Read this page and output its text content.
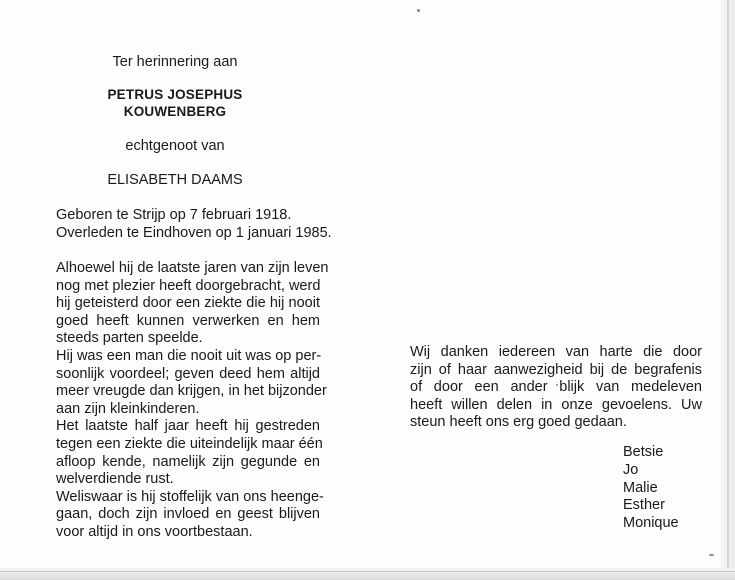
Ter herinnering aan

PETRUS JOSEPHUS

KOUWENBERG

echtgenoot van

ELISABETH DAAMS

Geboren te Strijp op 7 februari 1918.

Overleden te Eindhoven op 1 januari 1985.

Alhoewel hij de laatste jaren van zijn leven
nog met plezier heeft doorgebracht, werd
hij geteisterd door een ziekte die hij nooit
goed heeft kunnen verwerken en hem
steeds parten speelde.
Hij was een man die nooit uit was op per-
soonlijk voordeel; geven deed hem altijd
meer vreugde dan krijgen, in het bijzonder
aan zijn kleinkinderen.
Het laatste half jaar heeft hij gestreden
tegen een ziekte die uiteindelijk maar één
afloop kende, namelijk zijn gegunde en
welverdiende rust.
Weliswaar is hij stoffelijk van ons heenge-
gaan, doch zijn invloed en geest blijven
voor altijd in ons voortbestaan.
Wij danken iedereen van harte die door
zijn of haar aanwezigheid bij de begrafenis
of door een ander blijk van medeleven
heeft willen delen in onze gevoelens. Uw
steun heeft ons erg goed gedaan.
Betsie
Jo
Malie
Esther
Monique
